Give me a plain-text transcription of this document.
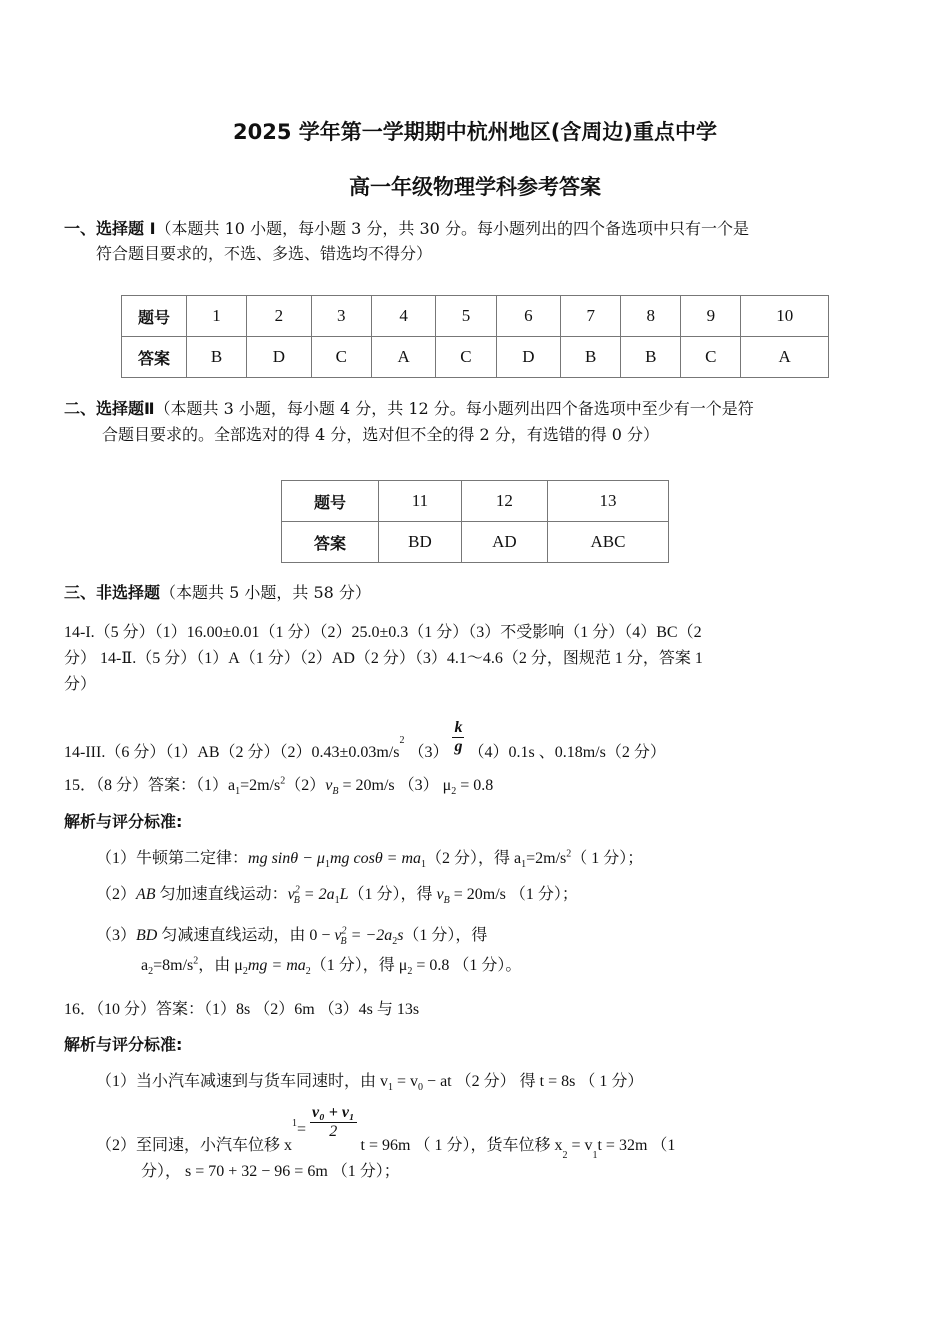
2025 学年第一学期期中杭州地区(含周边)重点中学
高一年级物理学科参考答案
一、选择题 Ⅰ（本题共 10 小题，每小题 3 分，共 30 分。每小题列出的四个备选项中只有一个是
符合题目要求的，不选、多选、错选均不得分）
题号	1	2	3	4	5	6	7	8	9	10
答案	B	D	C	A	C	D	B	B	C	A
二、选择题Ⅱ（本题共 3 小题，每小题 4 分，共 12 分。每小题列出四个备选项中至少有一个是符
合题目要求的。全部选对的得 4 分，选对但不全的得 2 分，有选错的得 0 分）
题号	11	12	13
答案	BD	AD	ABC
三、非选择题（本题共 5 小题，共 58 分）
14-I.（5 分）（1）16.00±0.01（1 分）（2）25.0±0.3（1 分）（3）不受影响（1 分）（4）BC（2
分） 14-Ⅱ.（5 分）（1）A（1 分）（2）AD（2 分）（3）4.1～4.6（2 分，图规范 1 分，答案 1
分）
14-III.（6 分）（1）AB（2 分）$(2)0.43\pm 0.03m/s^2$ $(3) \frac{k}{g} (4)0.1s$ 、0.18m/s（2 分）
15．（8 分）答案：$(1)a_1=2m/s^2(2)v_B = 20m/s$ （3） $\mu_2 = 0.8$
解析与评分标准:
（1）牛顿第二定律：mg $\sin\theta - \mu_1mg$ $\cos\theta = ma_1(2$ 分），得 $a_1=2m/s^2$（ 1 分）；
（2）AB 匀加速直线运动：$v^2_B = 2a_1L(1$ 分），得 $v_B = 20m/s$ （1 分）；
（3）BD 匀减速直线运动，由 $0 - v^2_B = -2a_2s(1$ 分），得
$a_2=8m/s^2$，由 $\mu_2mg = ma_2(1$ 分），得 $\mu_2 = 0.8$ （1 分）。
16．（10 分）答案：（1）8s （2）6m （3）4s 与 13s
解析与评分标准:
（1）当小汽车减速到与货车同速时，由 $v_1 = v_0$ − at （2 分） 得 t = 8s （ 1 分）
（2）至同速，小汽车位移 $x^1= \frac{\text{v₀ + v₁}}{2}$
t = 96m （ 1 分），货车位移 $x_2 = v_1t = 32m$ （1
分）， s = 70 + 32 − 96 = 6m （1 分）；
